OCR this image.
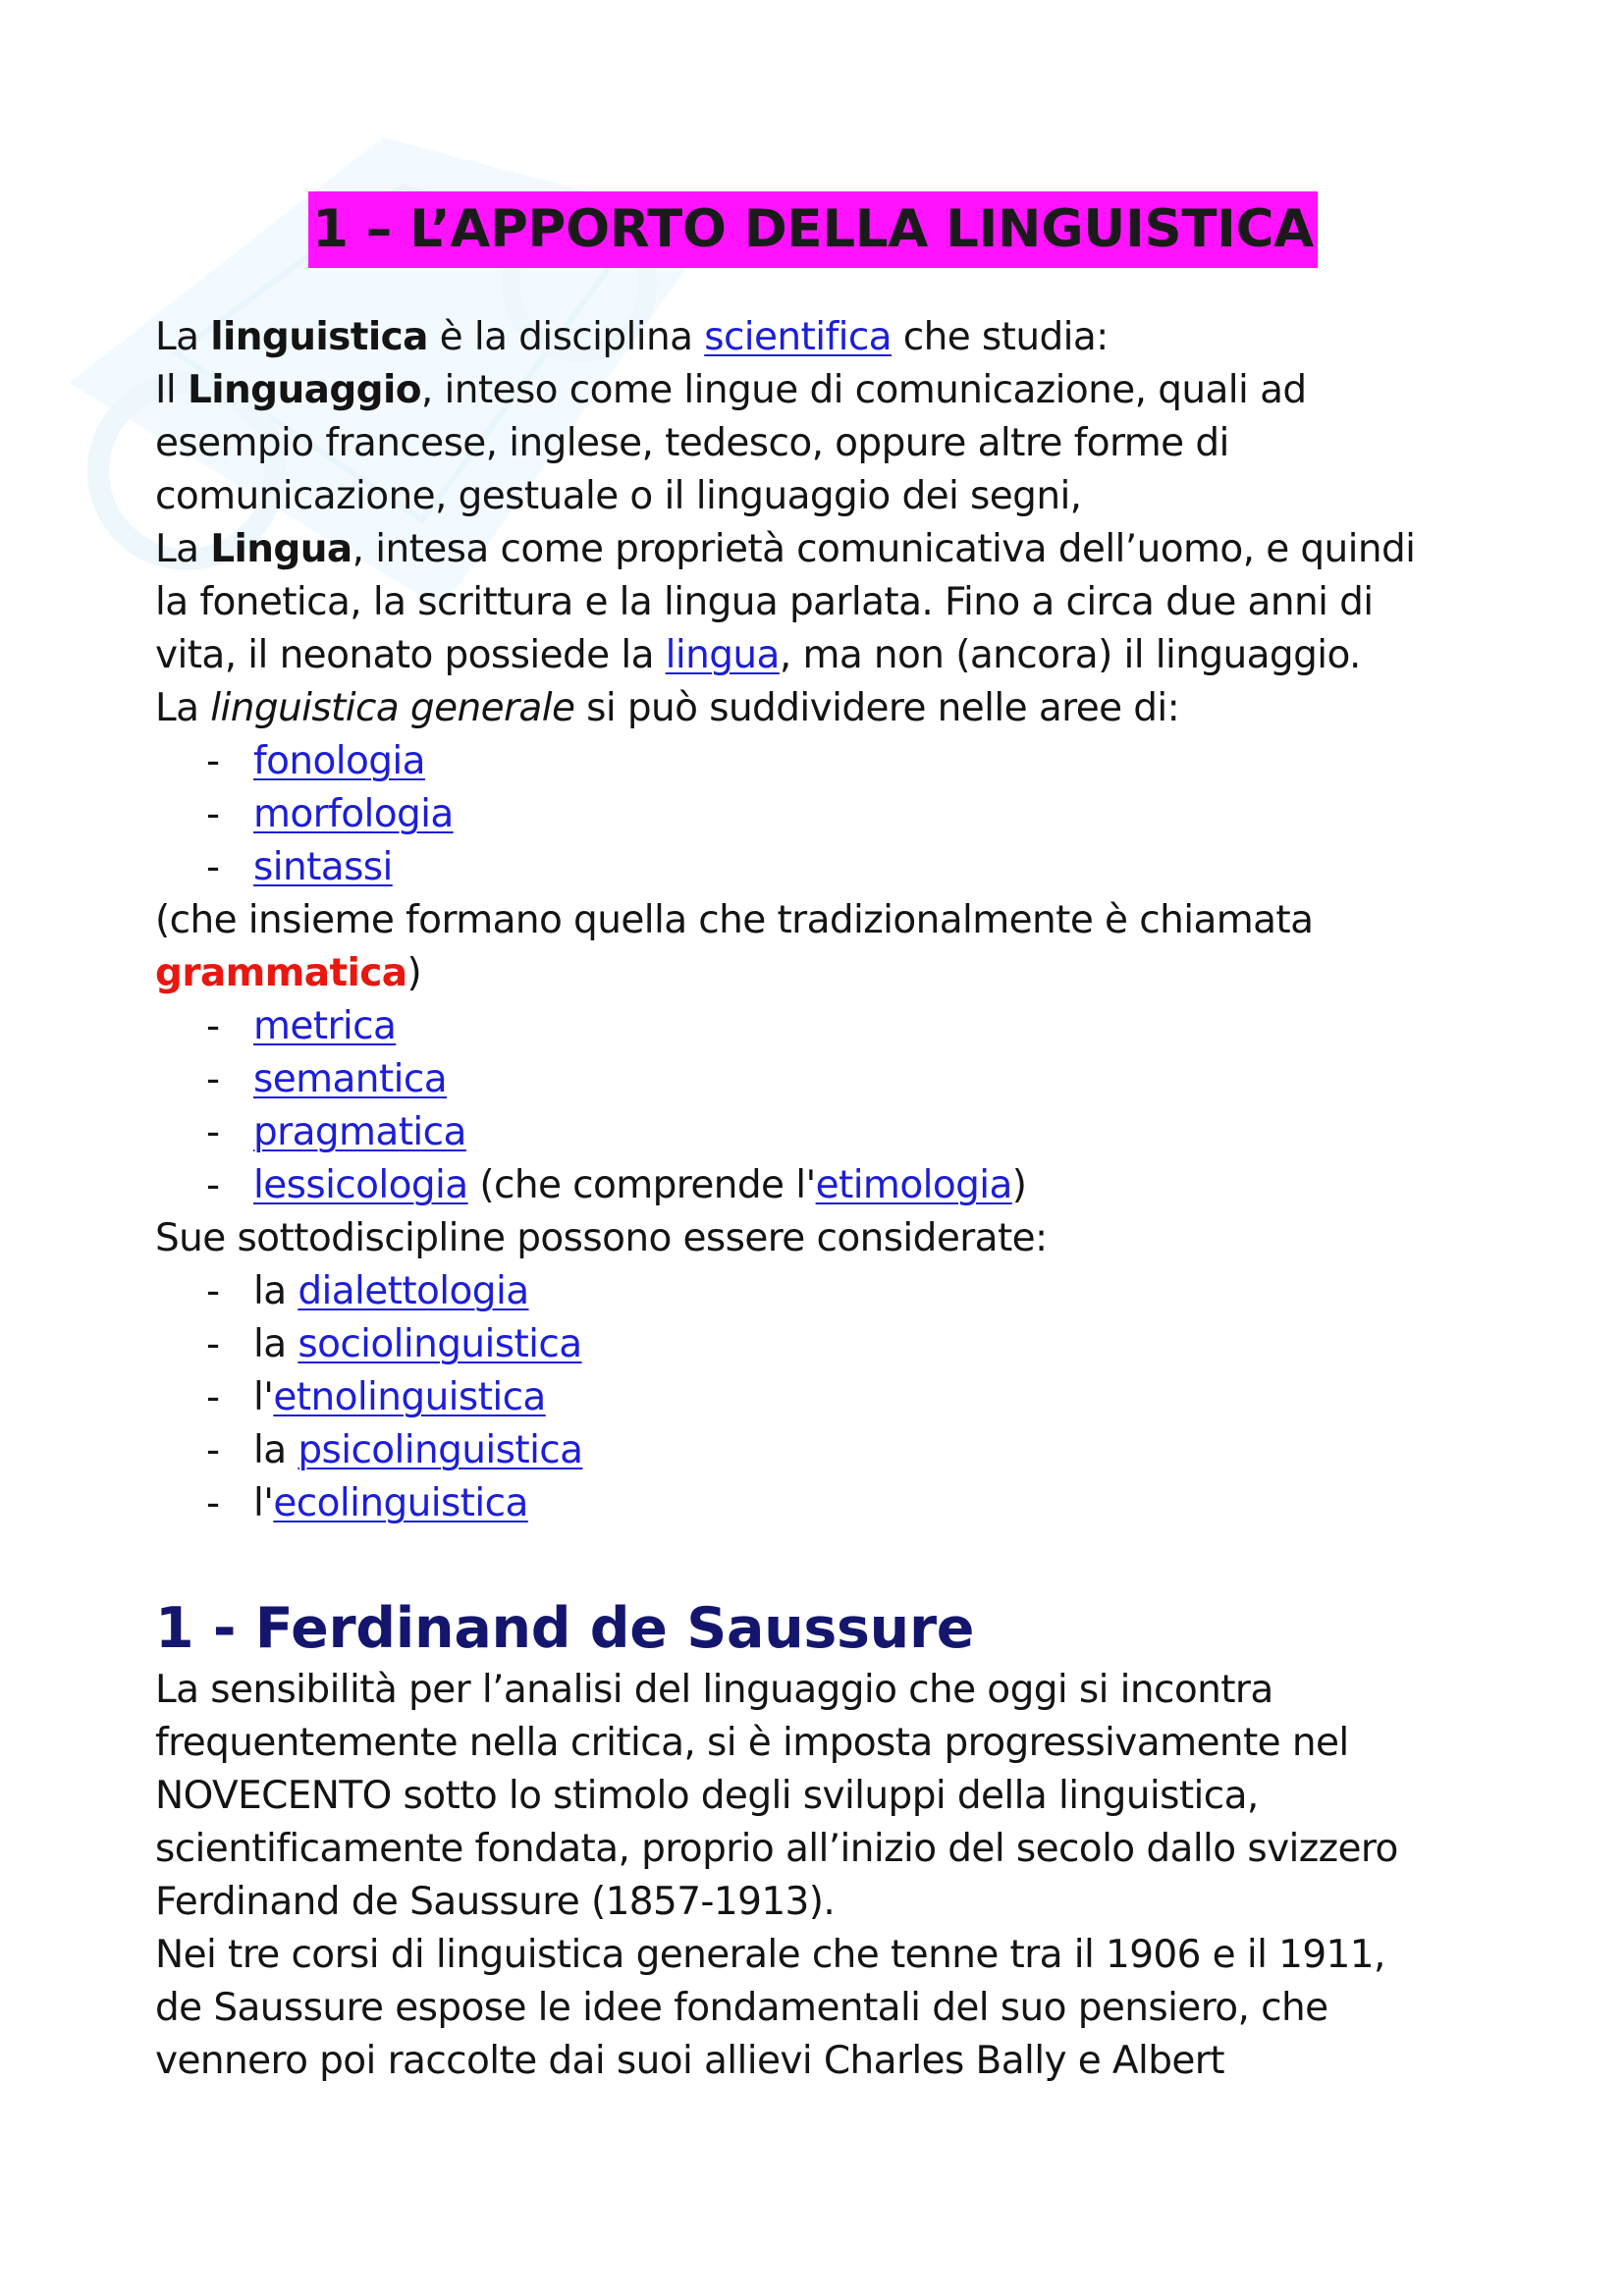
1 – L’APPORTO DELLA LINGUISTICA
La linguistica è la disciplina scientifica che studia:
Il Linguaggio, inteso come lingue di comunicazione, quali ad
esempio francese, inglese, tedesco, oppure altre forme di
comunicazione, gestuale o il linguaggio dei segni,
La Lingua, intesa come proprietà comunicativa dell’uomo, e quindi
la fonetica, la scrittura e la lingua parlata. Fino a circa due anni di
vita, il neonato possiede la lingua, ma non (ancora) il linguaggio.
La linguistica generale si può suddividere nelle aree di:
- fonologia
- morfologia
- sintassi
(che insieme formano quella che tradizionalmente è chiamata
grammatica)
- metrica
- semantica
- pragmatica
- lessicologia (che comprende l'etimologia)
Sue sottodiscipline possono essere considerate:
- la dialettologia
- la sociolinguistica
- l'etnolinguistica
- la psicolinguistica
- l'ecolinguistica
1 - Ferdinand de Saussure
La sensibilità per l’analisi del linguaggio che oggi si incontra
frequentemente nella critica, si è imposta progressivamente nel
NOVECENTO sotto lo stimolo degli sviluppi della linguistica,
scientificamente fondata, proprio all’inizio del secolo dallo svizzero
Ferdinand de Saussure (1857-1913).
Nei tre corsi di linguistica generale che tenne tra il 1906 e il 1911,
de Saussure espose le idee fondamentali del suo pensiero, che
vennero poi raccolte dai suoi allievi Charles Bally e Albert
